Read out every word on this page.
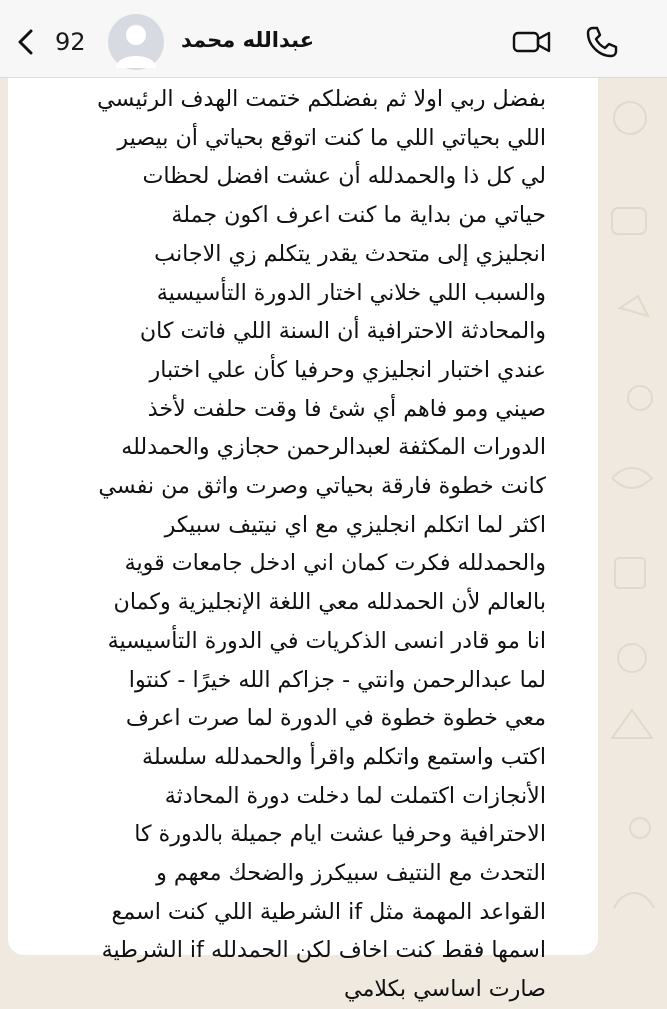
92	عبدالله محمد

بفضل ربي اولا ثم بفضلكم ختمت الهدف الرئيسي
اللي بحياتي اللي ما كنت اتوقع بحياتي أن بيصير
لي كل ذا والحمدلله أن عشت افضل لحظات
حياتي من بداية ما كنت اعرف اكون جملة
انجليزي إلى متحدث يقدر يتكلم زي الاجانب
والسبب اللي خلاني اختار الدورة التأسيسية
والمحادثة الاحترافية أن السنة اللي فاتت كان
عندي اختبار انجليزي وحرفيا كأن علي اختبار
صيني ومو فاهم أي شئ فا وقت حلفت لأخذ
الدورات المكثفة لعبدالرحمن حجازي والحمدلله
كانت خطوة فارقة بحياتي وصرت واثق من نفسي
اكثر لما اتكلم انجليزي مع اي نيتيف سبيكر
والحمدلله فكرت كمان اني ادخل جامعات قوية
بالعالم لأن الحمدلله معي اللغة الإنجليزية وكمان
انا مو قادر انسى الذكريات في الدورة التأسيسية
لما عبدالرحمن وانتي - جزاكم الله خيرًا - كنتوا
معي خطوة خطوة في الدورة لما صرت اعرف
اكتب واستمع واتكلم واقرأ والحمدلله سلسلة
الأنجازات اكتملت لما دخلت دورة المحادثة
الاحترافية وحرفيا عشت ايام جميلة بالدورة كا
التحدث مع النتيف سبيكرز والضحك معهم و
القواعد المهمة مثل if الشرطية اللي كنت اسمع
اسمها فقط كنت اخاف لكن الحمدلله if الشرطية
صارت اساسي بكلامي
